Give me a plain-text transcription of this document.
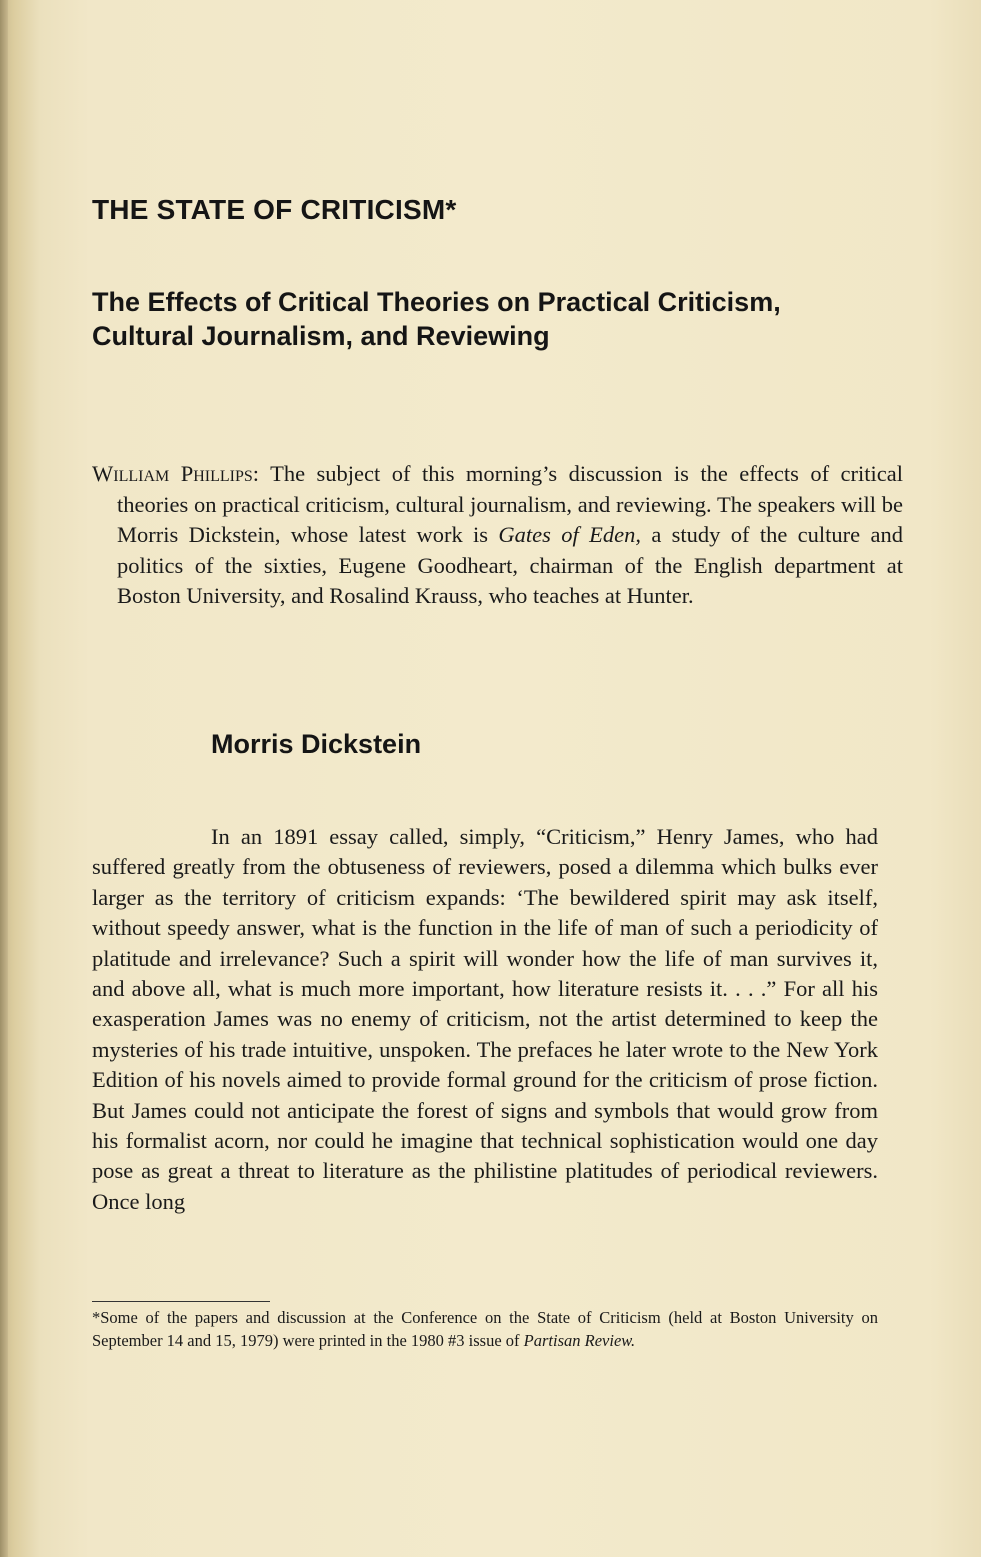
THE STATE OF CRITICISM*
The Effects of Critical Theories on Practical Criticism,
Cultural Journalism, and Reviewing

William Phillips: The subject of this morning’s discussion is the effects of critical theories on practical criticism, cultural journalism, and reviewing. The speakers will be Morris Dickstein, whose latest work is Gates of Eden, a study of the culture and politics of the sixties, Eugene Goodheart, chairman of the English department at Boston University, and Rosalind Krauss, who teaches at Hunter.

Morris Dickstein

In an 1891 essay called, simply, “Criticism,” Henry James, who had suffered greatly from the obtuseness of reviewers, posed a dilemma which bulks ever larger as the territory of criticism expands: ‘The bewildered spirit may ask itself, without speedy answer, what is the function in the life of man of such a periodicity of platitude and irrelevance? Such a spirit will wonder how the life of man survives it, and above all, what is much more important, how literature resists it. . . .” For all his exasperation James was no enemy of criticism, not the artist determined to keep the mysteries of his trade intuitive, unspoken. The prefaces he later wrote to the New York Edition of his novels aimed to provide formal ground for the criticism of prose fiction. But James could not anticipate the forest of signs and symbols that would grow from his formalist acorn, nor could he imagine that technical sophistication would one day pose as great a threat to literature as the philistine platitudes of periodical reviewers. Once long

*Some of the papers and discussion at the Conference on the State of Criticism (held at Boston University on September 14 and 15, 1979) were printed in the 1980 #3 issue of Partisan Review.
